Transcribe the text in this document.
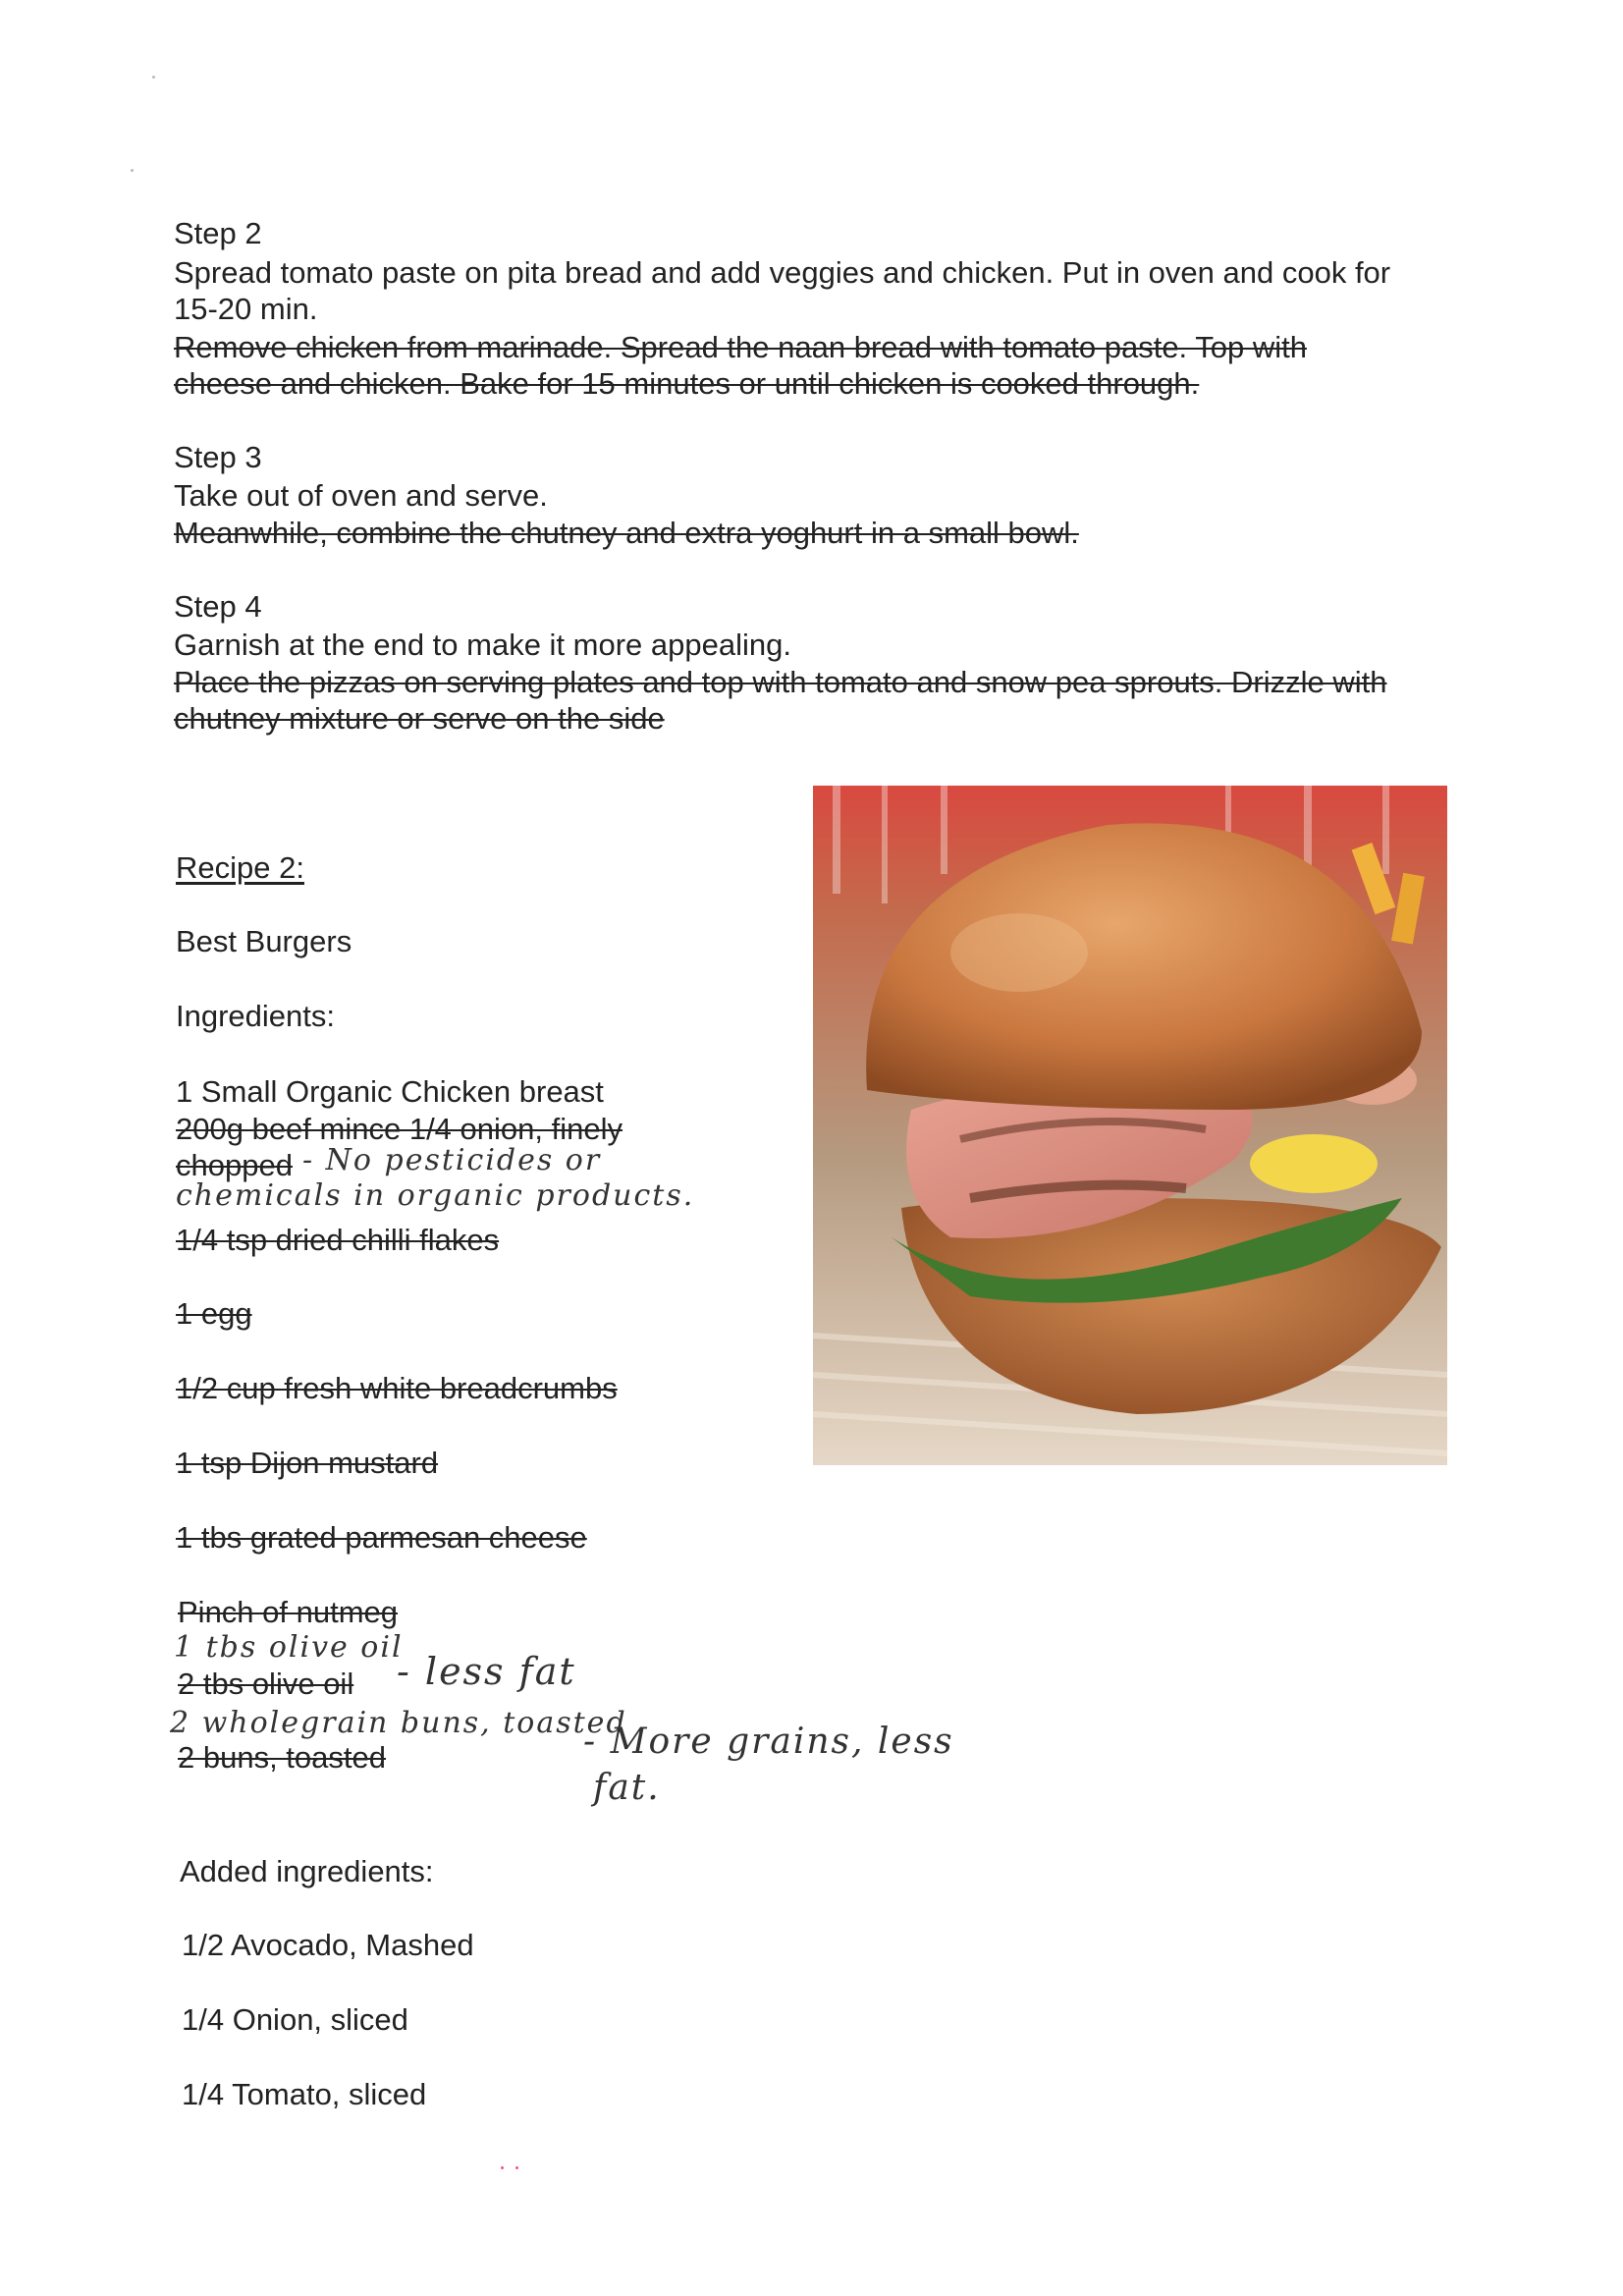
Step 2
Spread tomato paste on pita bread and add veggies and chicken. Put in oven and cook for
15-20 min.
Remove chicken from marinade. Spread the naan bread with tomato paste. Top with
cheese and chicken. Bake for 15 minutes or until chicken is cooked through.
Step 3
Take out of oven and serve.
Meanwhile, combine the chutney and extra yoghurt in a small bowl.
Step 4
Garnish at the end to make it more appealing.
Place the pizzas on serving plates and top with tomato and snow pea sprouts. Drizzle with
chutney mixture or serve on the side
Recipe 2:
Best Burgers
Ingredients:
1 Small Organic Chicken breast
200g beef mince 1/4 onion, finely
chopped - No pesticides or
chemicals in organic products.
1/4 tsp dried chilli flakes
1 egg
1/2 cup fresh white breadcrumbs
1 tsp Dijon mustard
1 tbs grated parmesan cheese
Pinch of nutmeg
1 tbs olive oil
2 tbs olive oil - less fat
2 wholegrain buns, toasted
2 buns, toasted	- More grains, less
fat.
Added ingredients:
1/2 Avocado, Mashed
1/4 Onion, sliced
1/4 Tomato, sliced
